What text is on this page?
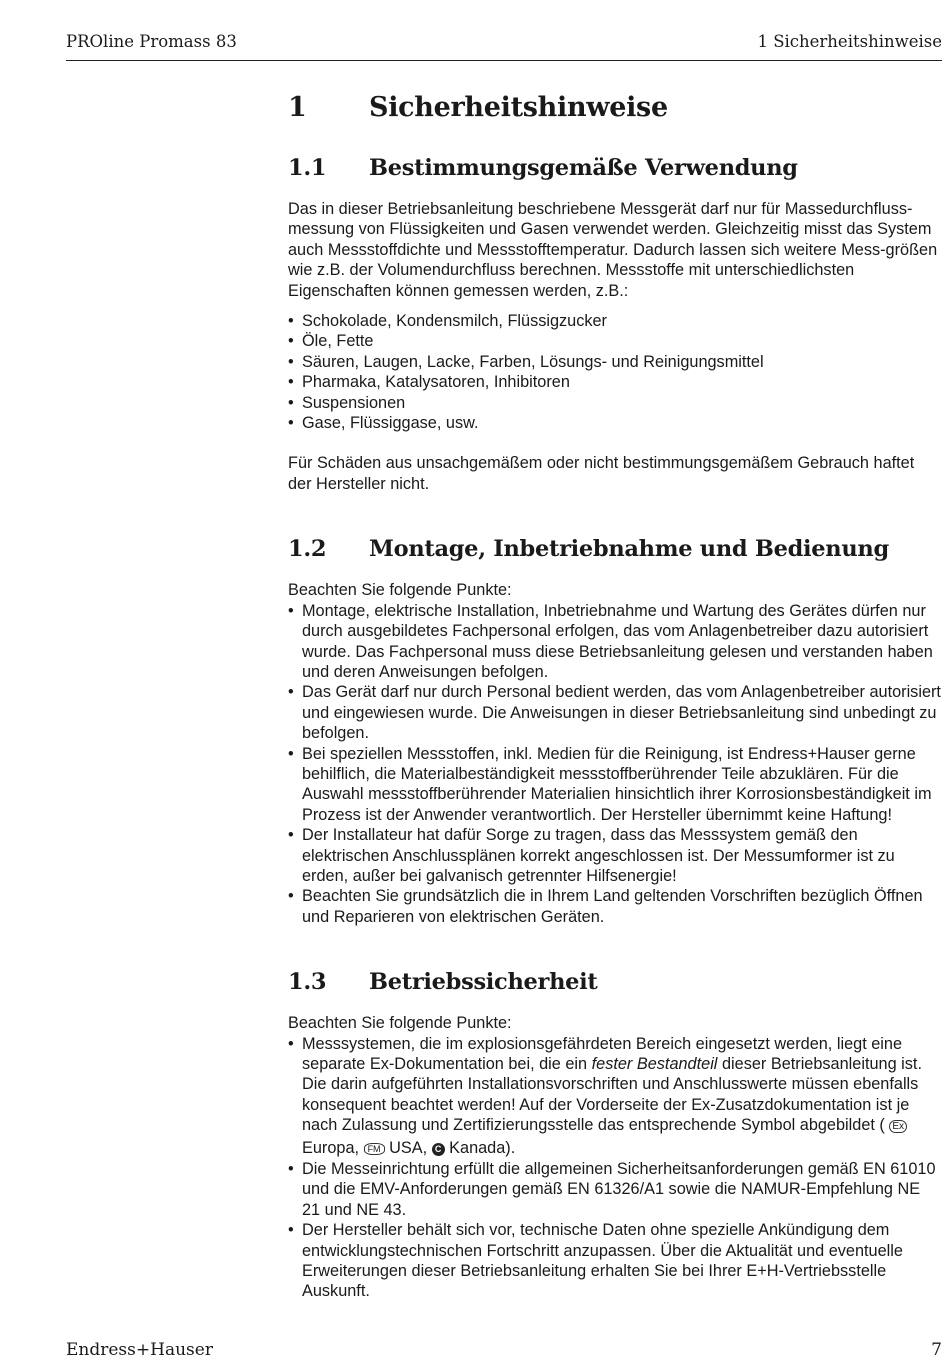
PROline Promass 83	1 Sicherheitshinweise
1 Sicherheitshinweise
1.1 Bestimmungsgemäße Verwendung

Das in dieser Betriebsanleitung beschriebene Messgerät darf nur für Massedurchfluss-messung von Flüssigkeiten und Gasen verwendet werden. Gleichzeitig misst das System auch Messstoffdichte und Messstofftemperatur. Dadurch lassen sich weitere Mess-größen wie z.B. der Volumendurchfluss berechnen. Messstoffe mit unterschiedlichsten Eigenschaften können gemessen werden, z.B.:

• Schokolade, Kondensmilch, Flüssigzucker
• Öle, Fette
• Säuren, Laugen, Lacke, Farben, Lösungs- und Reinigungsmittel
• Pharmaka, Katalysatoren, Inhibitoren
• Suspensionen
• Gase, Flüssiggase, usw.

Für Schäden aus unsachgemäßem oder nicht bestimmungsgemäßem Gebrauch haftet der Hersteller nicht.

1.2 Montage, Inbetriebnahme und Bedienung

Beachten Sie folgende Punkte:

• Montage, elektrische Installation, Inbetriebnahme und Wartung des Gerätes dürfen nur durch ausgebildetes Fachpersonal erfolgen, das vom Anlagenbetreiber dazu autorisiert wurde. Das Fachpersonal muss diese Betriebsanleitung gelesen und verstanden haben und deren Anweisungen befolgen.
• Das Gerät darf nur durch Personal bedient werden, das vom Anlagenbetreiber autorisiert und eingewiesen wurde. Die Anweisungen in dieser Betriebsanleitung sind unbedingt zu befolgen.
• Bei speziellen Messstoffen, inkl. Medien für die Reinigung, ist Endress+Hauser gerne behilflich, die Materialbeständigkeit messstoffberührender Teile abzuklären. Für die Auswahl messstoffberührender Materialien hinsichtlich ihrer Korrosionsbeständigkeit im Prozess ist der Anwender verantwortlich. Der Hersteller übernimmt keine Haftung!
• Der Installateur hat dafür Sorge zu tragen, dass das Messsystem gemäß den elektrischen Anschlussplänen korrekt angeschlossen ist. Der Messumformer ist zu erden, außer bei galvanisch getrennter Hilfsenergie!
• Beachten Sie grundsätzlich die in Ihrem Land geltenden Vorschriften bezüglich Öffnen und Reparieren von elektrischen Geräten.
1.3 Betriebssicherheit

Beachten Sie folgende Punkte:

• Messsystemen, die im explosionsgefährdeten Bereich eingesetzt werden, liegt eine separate Ex-Dokumentation bei, die ein fester Bestandteil dieser Betriebsanleitung ist. Die darin aufgeführten Installationsvorschriften und Anschlusswerte müssen ebenfalls konsequent beachtet werden! Auf der Vorderseite der Ex-Zusatzdokumentation ist je nach Zulassung und Zertifizierungsstelle das entsprechende Symbol abgebildet ( Ex Europa, FM USA, C Kanada).
• Die Messeinrichtung erfüllt die allgemeinen Sicherheitsanforderungen gemäß EN 61010 und die EMV-Anforderungen gemäß EN 61326/A1 sowie die NAMUR-Empfehlung NE 21 und NE 43.
• Der Hersteller behält sich vor, technische Daten ohne spezielle Ankündigung dem entwicklungstechnischen Fortschritt anzupassen. Über die Aktualität und eventuelle Erweiterungen dieser Betriebsanleitung erhalten Sie bei Ihrer E+H-Vertriebsstelle Auskunft.
Endress+Hauser	7
